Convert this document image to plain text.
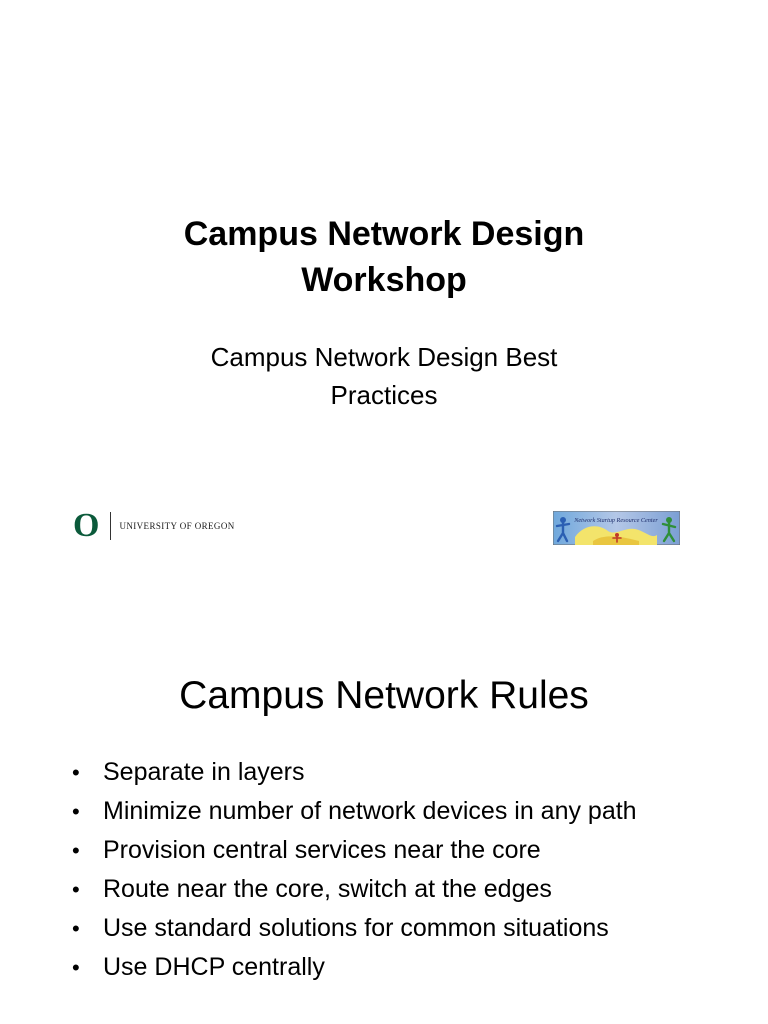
Campus Network Design
Workshop
Campus Network Design Best
Practices
O UNIVERSITY OF OREGON
Network Startup Resource Center
Campus Network Rules
• Separate in layers
• Minimize number of network devices in any path
• Provision central services near the core
• Route near the core, switch at the edges
• Use standard solutions for common situations
• Use DHCP centrally
